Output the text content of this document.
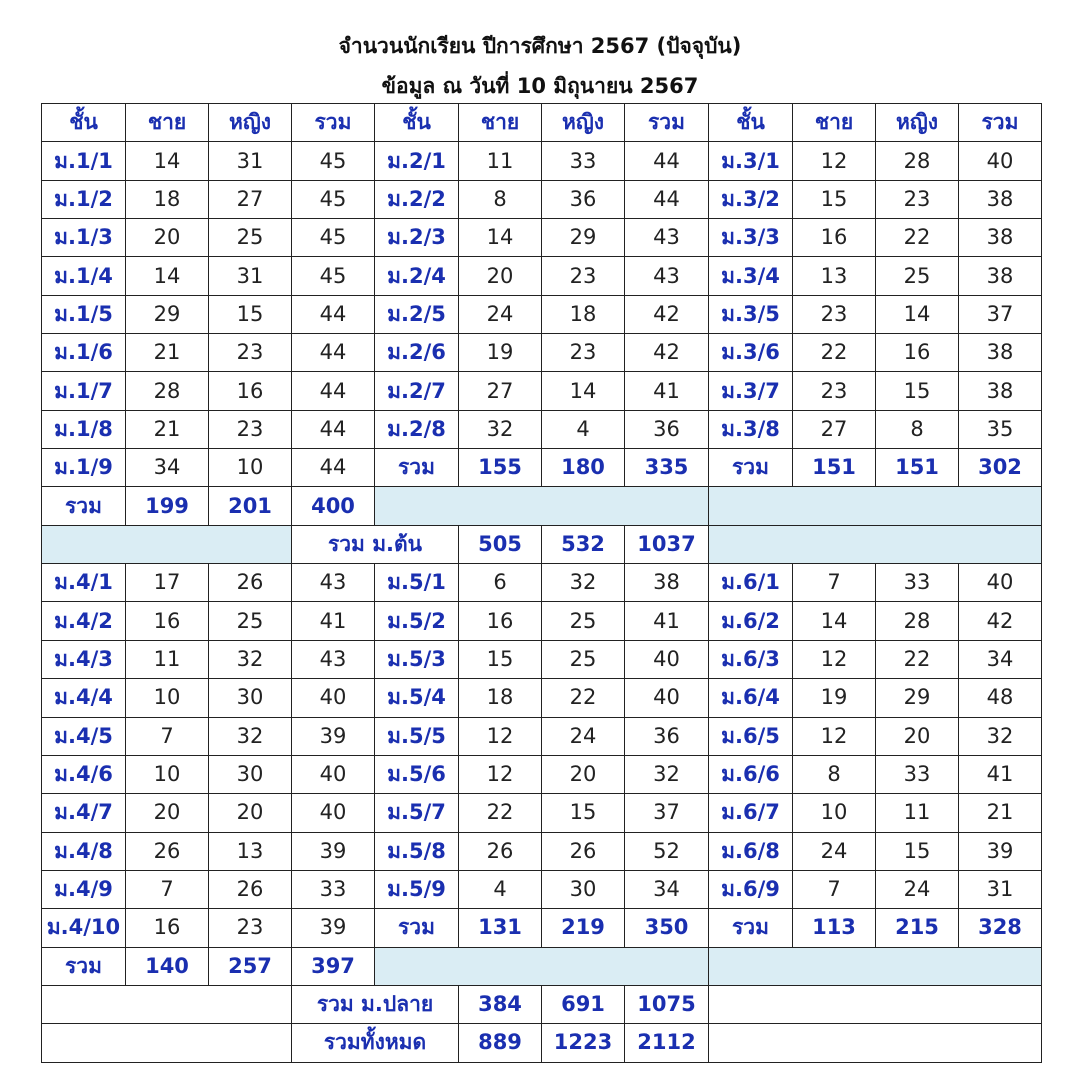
จำนวนนักเรียน ปีการศึกษา 2567 (ปัจจุบัน)
ข้อมูล ณ วันที่ 10 มิถุนายน 2567
ชั้น	ชาย	หญิง	รวม	ชั้น	ชาย	หญิง	รวม	ชั้น	ชาย	หญิง	รวม
ม.1/1	14	31	45	ม.2/1	11	33	44	ม.3/1	12	28	40
ม.1/2	18	27	45	ม.2/2	8	36	44	ม.3/2	15	23	38
ม.1/3	20	25	45	ม.2/3	14	29	43	ม.3/3	16	22	38
ม.1/4	14	31	45	ม.2/4	20	23	43	ม.3/4	13	25	38
ม.1/5	29	15	44	ม.2/5	24	18	42	ม.3/5	23	14	37
ม.1/6	21	23	44	ม.2/6	19	23	42	ม.3/6	22	16	38
ม.1/7	28	16	44	ม.2/7	27	14	41	ม.3/7	23	15	38
ม.1/8	21	23	44	ม.2/8	32	4	36	ม.3/8	27	8	35
ม.1/9	34	10	44	รวม	155	180	335	รวม	151	151	302
รวม	199	201	400								
			รวม ม.ต้น		505	532	1037				
ม.4/1	17	26	43	ม.5/1	6	32	38	ม.6/1	7	33	40
ม.4/2	16	25	41	ม.5/2	16	25	41	ม.6/2	14	28	42
ม.4/3	11	32	43	ม.5/3	15	25	40	ม.6/3	12	22	34
ม.4/4	10	30	40	ม.5/4	18	22	40	ม.6/4	19	29	48
ม.4/5	7	32	39	ม.5/5	12	24	36	ม.6/5	12	20	32
ม.4/6	10	30	40	ม.5/6	12	20	32	ม.6/6	8	33	41
ม.4/7	20	20	40	ม.5/7	22	15	37	ม.6/7	10	11	21
ม.4/8	26	13	39	ม.5/8	26	26	52	ม.6/8	24	15	39
ม.4/9	7	26	33	ม.5/9	4	30	34	ม.6/9	7	24	31
ม.4/10	16	23	39	รวม	131	219	350	รวม	113	215	328
รวม	140	257	397								
			รวม ม.ปลาย		384	691	1075				
			รวมทั้งหมด		889	1223	2112				
